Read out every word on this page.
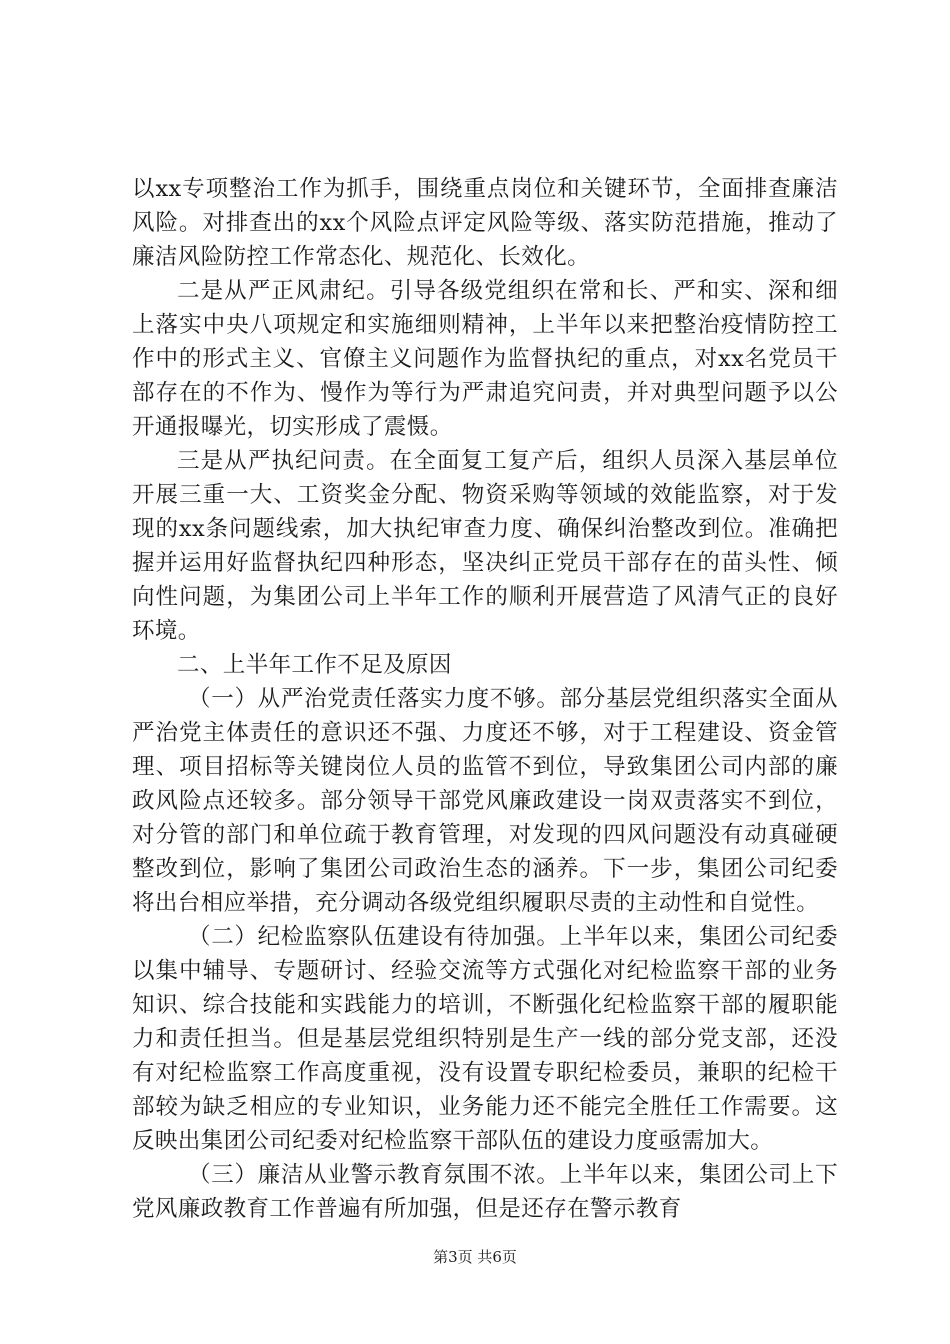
以xx专项整治工作为抓手，围绕重点岗位和关键环节，全面排查廉洁风险。对排查出的xx个风险点评定风险等级、落实防范措施，推动了廉洁风险防控工作常态化、规范化、长效化。

二是从严正风肃纪。引导各级党组织在常和长、严和实、深和细上落实中央八项规定和实施细则精神，上半年以来把整治疫情防控工作中的形式主义、官僚主义问题作为监督执纪的重点，对xx名党员干部存在的不作为、慢作为等行为严肃追究问责，并对典型问题予以公开通报曝光，切实形成了震慑。

三是从严执纪问责。在全面复工复产后，组织人员深入基层单位开展三重一大、工资奖金分配、物资采购等领域的效能监察，对于发现的xx条问题线索，加大执纪审查力度、确保纠治整改到位。准确把握并运用好监督执纪四种形态，坚决纠正党员干部存在的苗头性、倾向性问题，为集团公司上半年工作的顺利开展营造了风清气正的良好环境。

二、上半年工作不足及原因

（一）从严治党责任落实力度不够。部分基层党组织落实全面从严治党主体责任的意识还不强、力度还不够，对于工程建设、资金管理、项目招标等关键岗位人员的监管不到位，导致集团公司内部的廉政风险点还较多。部分领导干部党风廉政建设一岗双责落实不到位，对分管的部门和单位疏于教育管理，对发现的四风问题没有动真碰硬整改到位，影响了集团公司政治生态的涵养。下一步，集团公司纪委将出台相应举措，充分调动各级党组织履职尽责的主动性和自觉性。

（二）纪检监察队伍建设有待加强。上半年以来，集团公司纪委以集中辅导、专题研讨、经验交流等方式强化对纪检监察干部的业务知识、综合技能和实践能力的培训，不断强化纪检监察干部的履职能力和责任担当。但是基层党组织特别是生产一线的部分党支部，还没有对纪检监察工作高度重视，没有设置专职纪检委员，兼职的纪检干部较为缺乏相应的专业知识，业务能力还不能完全胜任工作需要。这反映出集团公司纪委对纪检监察干部队伍的建设力度亟需加大。

（三）廉洁从业警示教育氛围不浓。上半年以来，集团公司上下党风廉政教育工作普遍有所加强，但是还存在警示教育

第3页 共6页
